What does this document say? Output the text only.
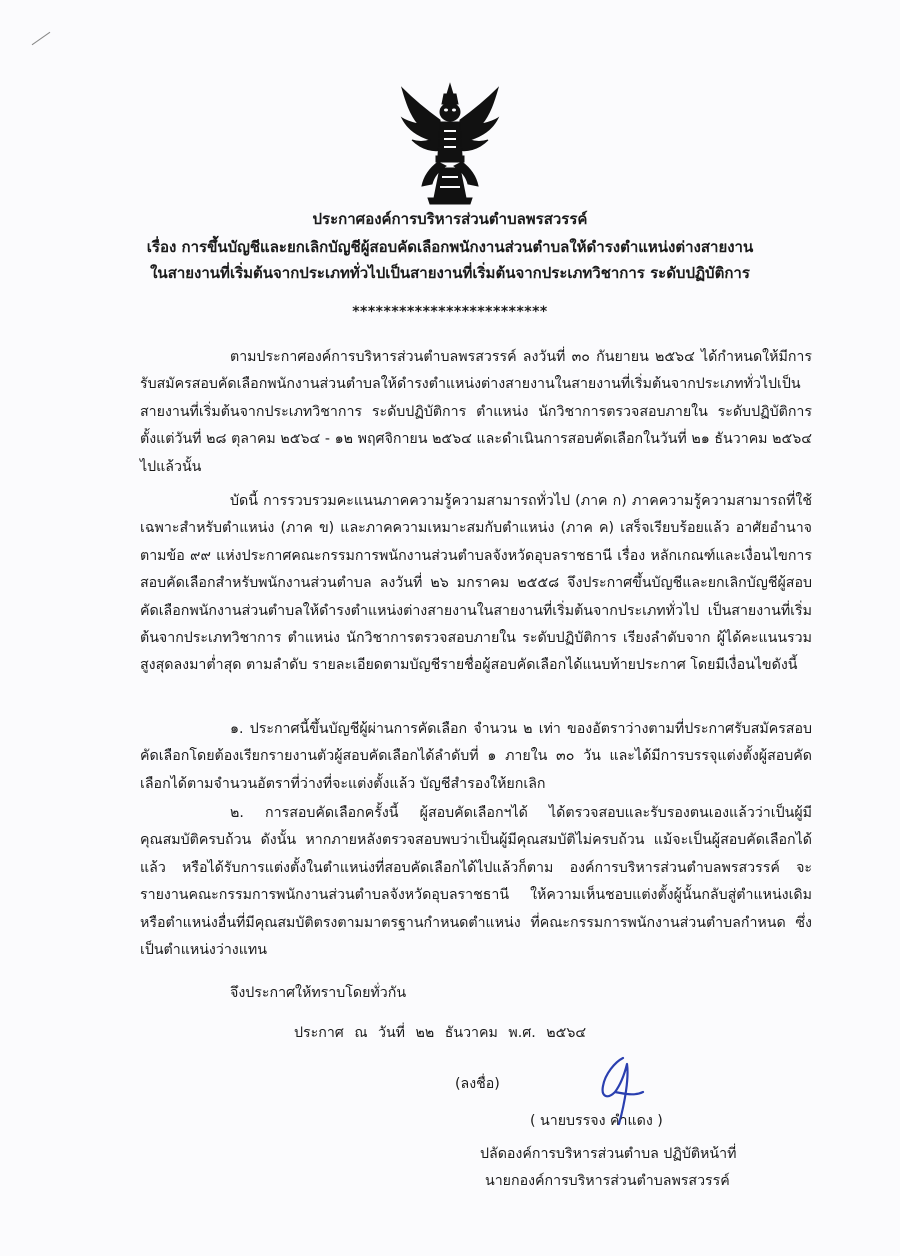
ประกาศองค์การบริหารส่วนตำบลพรสวรรค์
เรื่อง การขึ้นบัญชีและยกเลิกบัญชีผู้สอบคัดเลือกพนักงานส่วนตำบลให้ดำรงตำแหน่งต่างสายงาน
ในสายงานที่เริ่มต้นจากประเภททั่วไปเป็นสายงานที่เริ่มต้นจากประเภทวิชาการ ระดับปฏิบัติการ
*************************
ตามประกาศองค์การบริหารส่วนตำบลพรสวรรค์ ลงวันที่ ๓๐ กันยายน ๒๕๖๔ ได้กำหนดให้มีการรับสมัครสอบคัดเลือกพนักงานส่วนตำบลให้ดำรงตำแหน่งต่างสายงานในสายงานที่เริ่มต้นจากประเภททั่วไปเป็นสายงานที่เริ่มต้นจากประเภทวิชาการ ระดับปฏิบัติการ ตำแหน่ง นักวิชาการตรวจสอบภายใน ระดับปฏิบัติการ ตั้งแต่วันที่ ๒๘ ตุลาคม ๒๕๖๔ - ๑๒ พฤศจิกายน ๒๕๖๔ และดำเนินการสอบคัดเลือกในวันที่ ๒๑ ธันวาคม ๒๕๖๔ ไปแล้วนั้น
บัดนี้ การรวบรวมคะแนนภาคความรู้ความสามารถทั่วไป (ภาค ก) ภาคความรู้ความสามารถที่ใช้เฉพาะสำหรับตำแหน่ง (ภาค ข) และภาคความเหมาะสมกับตำแหน่ง (ภาค ค) เสร็จเรียบร้อยแล้ว อาศัยอำนาจตามข้อ ๙๙ แห่งประกาศคณะกรรมการพนักงานส่วนตำบลจังหวัดอุบลราชธานี เรื่อง หลักเกณฑ์และเงื่อนไขการสอบคัดเลือกสำหรับพนักงานส่วนตำบล ลงวันที่ ๒๖ มกราคม ๒๕๕๘ จึงประกาศขึ้นบัญชีและยกเลิกบัญชีผู้สอบคัดเลือกพนักงานส่วนตำบลให้ดำรงตำแหน่งต่างสายงานในสายงานที่เริ่มต้นจากประเภททั่วไป เป็นสายงานที่เริ่มต้นจากประเภทวิชาการ ตำแหน่ง นักวิชาการตรวจสอบภายใน ระดับปฏิบัติการ เรียงลำดับจาก ผู้ได้คะแนนรวมสูงสุดลงมาต่ำสุด ตามลำดับ รายละเอียดตามบัญชีรายชื่อผู้สอบคัดเลือกได้แนบท้ายประกาศ โดยมีเงื่อนไขดังนี้
๑. ประกาศนี้ขึ้นบัญชีผู้ผ่านการคัดเลือก จำนวน ๒ เท่า ของอัตราว่างตามที่ประกาศรับสมัครสอบคัดเลือกโดยต้องเรียกรายงานตัวผู้สอบคัดเลือกได้ลำดับที่ ๑ ภายใน ๓๐ วัน และได้มีการบรรจุแต่งตั้งผู้สอบคัดเลือกได้ตามจำนวนอัตราที่ว่างที่จะแต่งตั้งแล้ว บัญชีสำรองให้ยกเลิก
๒. การสอบคัดเลือกครั้งนี้ ผู้สอบคัดเลือกฯได้ ได้ตรวจสอบและรับรองตนเองแล้วว่าเป็นผู้มีคุณสมบัติครบถ้วน ดังนั้น หากภายหลังตรวจสอบพบว่าเป็นผู้มีคุณสมบัติไม่ครบถ้วน แม้จะเป็นผู้สอบคัดเลือกได้แล้ว หรือได้รับการแต่งตั้งในตำแหน่งที่สอบคัดเลือกได้ไปแล้วก็ตาม องค์การบริหารส่วนตำบลพรสวรรค์ จะรายงานคณะกรรมการพนักงานส่วนตำบลจังหวัดอุบลราชธานี ให้ความเห็นชอบแต่งตั้งผู้นั้นกลับสู่ตำแหน่งเดิมหรือตำแหน่งอื่นที่มีคุณสมบัติตรงตามมาตรฐานกำหนดตำแหน่ง ที่คณะกรรมการพนักงานส่วนตำบลกำหนด ซึ่งเป็นตำแหน่งว่างแทน
จึงประกาศให้ทราบโดยทั่วกัน
ประกาศ ณ วันที่ ๒๒ ธันวาคม พ.ศ. ๒๕๖๔
(ลงชื่อ)
( นายบรรจง คำแดง )
ปลัดองค์การบริหารส่วนตำบล ปฏิบัติหน้าที่
นายกองค์การบริหารส่วนตำบลพรสวรรค์
